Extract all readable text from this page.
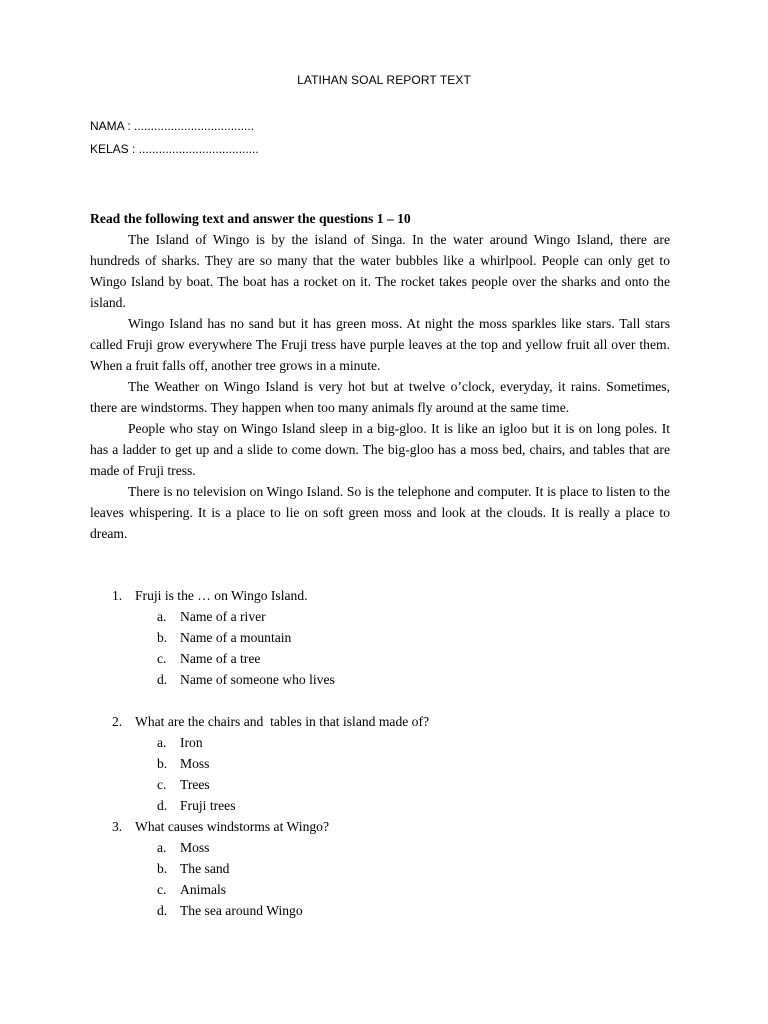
LATIHAN SOAL REPORT TEXT
NAMA : ....................................
KELAS : ....................................

Read the following text and answer the questions 1 – 10

The Island of Wingo is by the island of Singa. In the water around Wingo Island, there are hundreds of sharks. They are so many that the water bubbles like a whirlpool. People can only get to Wingo Island by boat. The boat has a rocket on it. The rocket takes people over the sharks and onto the island.

Wingo Island has no sand but it has green moss. At night the moss sparkles like stars. Tall stars called Fruji grow everywhere The Fruji tress have purple leaves at the top and yellow fruit all over them. When a fruit falls off, another tree grows in a minute.

The Weather on Wingo Island is very hot but at twelve o’clock, everyday, it rains. Sometimes, there are windstorms. They happen when too many animals fly around at the same time.

People who stay on Wingo Island sleep in a big-gloo. It is like an igloo but it is on long poles. It has a ladder to get up and a slide to come down. The big-gloo has a moss bed, chairs, and tables that are made of Fruji tress.

There is no television on Wingo Island. So is the telephone and computer. It is place to listen to the leaves whispering. It is a place to lie on soft green moss and look at the clouds. It is really a place to dream.

1. Fruji is the … on Wingo Island.
a. Name of a river
b. Name of a mountain
c. Name of a tree
d. Name of someone who lives
2. What are the chairs and  tables in that island made of?
a. Iron
b. Moss
c. Trees
d. Fruji trees
3. What causes windstorms at Wingo?
a. Moss
b. The sand
c. Animals
d. The sea around Wingo
